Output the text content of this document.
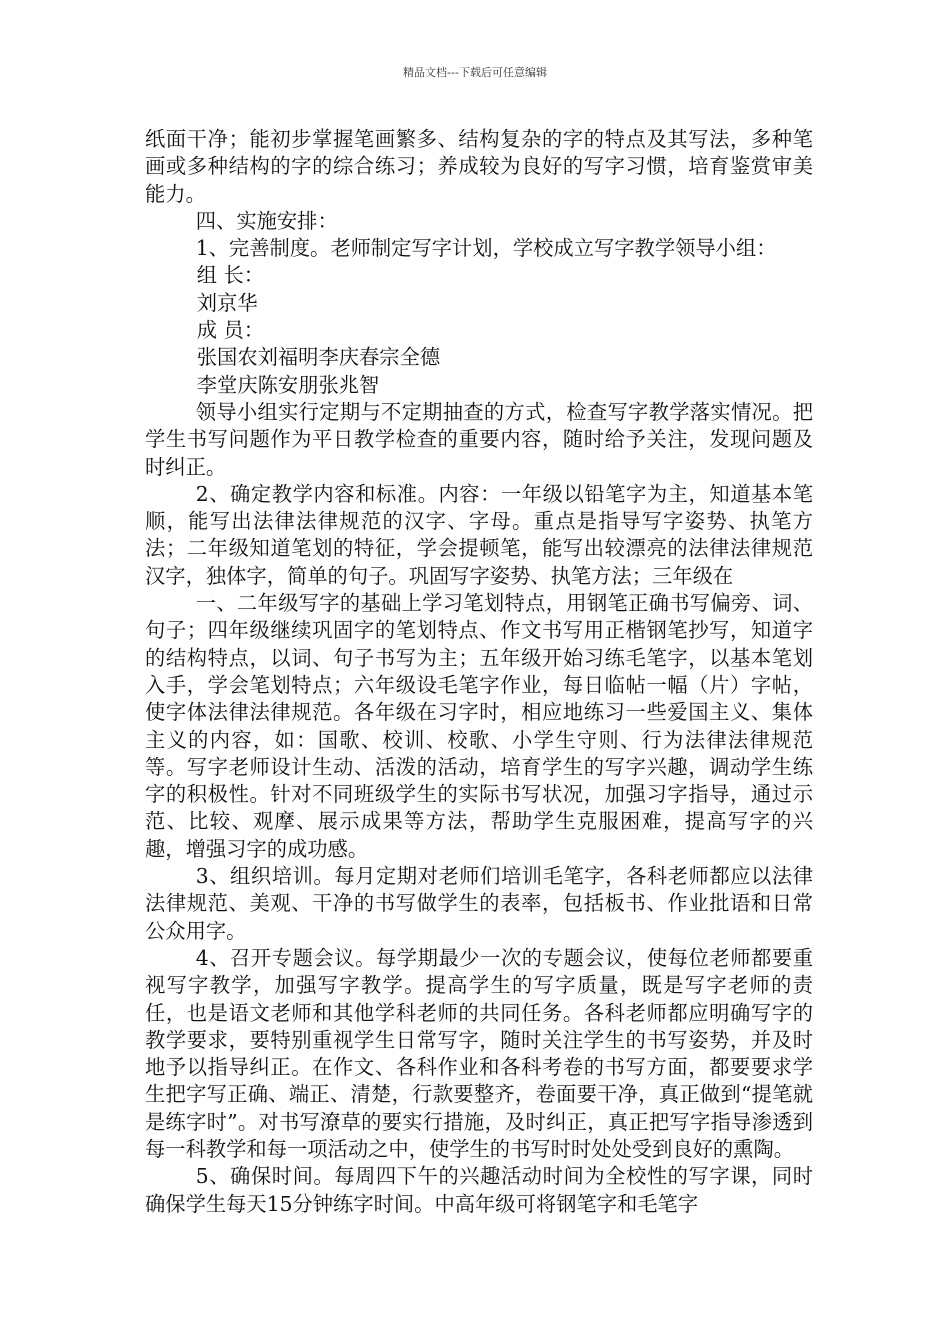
精品文档---下载后可任意编辑

纸面干净；能初步掌握笔画繁多、结构复杂的字的特点及其写法，多种笔画或多种结构的字的综合练习；养成较为良好的写字习惯，培育鉴赏审美能力。

四、实施安排：

1、完善制度。老师制定写字计划，学校成立写字教学领导小组：

组 长：

刘京华

成 员：

张国农刘福明李庆春宗全德

李堂庆陈安朋张兆智

领导小组实行定期与不定期抽查的方式，检查写字教学落实情况。把学生书写问题作为平日教学检查的重要内容，随时给予关注，发现问题及时纠正。

2、确定教学内容和标准。内容：一年级以铅笔字为主，知道基本笔顺，能写出法律法律规范的汉字、字母。重点是指导写字姿势、执笔方法；二年级知道笔划的特征，学会提顿笔，能写出较漂亮的法律法律规范汉字，独体字，简单的句子。巩固写字姿势、执笔方法；三年级在

一、二年级写字的基础上学习笔划特点，用钢笔正确书写偏旁、词、句子；四年级继续巩固字的笔划特点、作文书写用正楷钢笔抄写，知道字的结构特点，以词、句子书写为主；五年级开始习练毛笔字，以基本笔划入手，学会笔划特点；六年级设毛笔字作业，每日临帖一幅（片）字帖，使字体法律法律规范。各年级在习字时，相应地练习一些爱国主义、集体主义的内容，如：国歌、校训、校歌、小学生守则、行为法律法律规范等。写字老师设计生动、活泼的活动，培育学生的写字兴趣，调动学生练字的积极性。针对不同班级学生的实际书写状况，加强习字指导，通过示范、比较、观摩、展示成果等方法，帮助学生克服困难，提高写字的兴趣，增强习字的成功感。

3、组织培训。每月定期对老师们培训毛笔字，各科老师都应以法律法律规范、美观、干净的书写做学生的表率，包括板书、作业批语和日常公众用字。

4、召开专题会议。每学期最少一次的专题会议，使每位老师都要重视写字教学，加强写字教学。提高学生的写字质量，既是写字老师的责任，也是语文老师和其他学科老师的共同任务。各科老师都应明确写字的教学要求，要特别重视学生日常写字，随时关注学生的书写姿势，并及时地予以指导纠正。在作文、各科作业和各科考卷的书写方面，都要要求学生把字写正确、端正、清楚，行款要整齐，卷面要干净，真正做到“提笔就是练字时”。对书写潦草的要实行措施，及时纠正，真正把写字指导渗透到每一科教学和每一项活动之中，使学生的书写时时处处受到良好的熏陶。

5、确保时间。每周四下午的兴趣活动时间为全校性的写字课，同时确保学生每天15分钟练字时间。中高年级可将钢笔字和毛笔字
